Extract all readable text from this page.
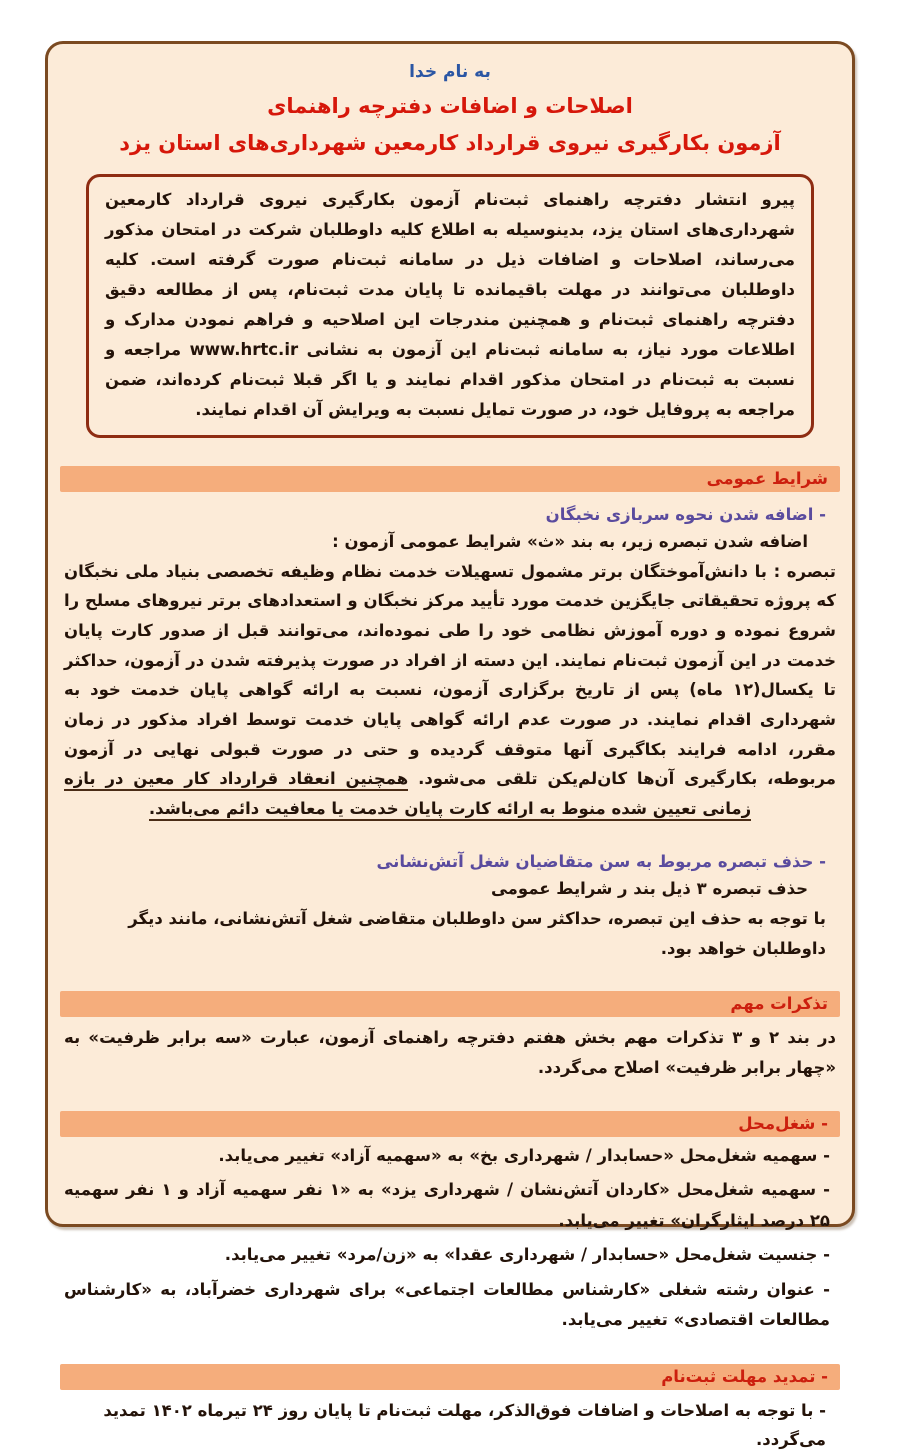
به نام خدا
اصلاحات و اضافات دفترچه راهنمای
آزمون بکارگیری نیروی قرارداد کارمعین شهرداری‌های استان یزد
پیرو انتشار دفترچه راهنمای ثبت‌نام آزمون بکارگیری نیروی قرارداد کارمعین شهرداری‌های استان یزد، بدینوسیله به اطلاع کلیه داوطلبان شرکت در امتحان مذکور می‌رساند، اصلاحات و اضافات ذیل در سامانه ثبت‌نام صورت گرفته است. کلیه داوطلبان می‌توانند در مهلت باقیمانده تا پایان مدت ثبت‌نام، پس از مطالعه دقیق دفترچه راهنمای ثبت‌نام و همچنین مندرجات این اصلاحیه و فراهم نمودن مدارک و اطلاعات مورد نیاز، به سامانه ثبت‌نام این آزمون به نشانی www.hrtc.ir مراجعه و نسبت به ثبت‌نام در امتحان مذکور اقدام نمایند و یا اگر قبلا ثبت‌نام کرده‌اند، ضمن مراجعه به پروفایل خود، در صورت تمایل نسبت به ویرایش آن اقدام نمایند.
شرایط عمومی
- اضافه شدن نحوه سربازی نخبگان
اضافه شدن تبصره زیر، به بند «ث» شرایط عمومی آزمون :
تبصره : با دانش‌آموختگان برتر مشمول تسهیلات خدمت نظام وظیفه تخصصی بنیاد ملی نخبگان که پروژه تحقیقاتی جایگزین خدمت مورد تأیید مرکز نخبگان و استعدادهای برتر نیروهای مسلح را شروع نموده و دوره آموزش نظامی خود را طی نموده‌اند، می‌توانند قبل از صدور کارت پایان خدمت در این آزمون ثبت‌نام نمایند. این دسته از افراد در صورت پذیرفته شدن در آزمون، حداکثر تا یکسال(۱۲ ماه) پس از تاریخ برگزاری آزمون، نسبت به ارائه گواهی پایان خدمت خود به شهرداری اقدام نمایند. در صورت عدم ارائه گواهی پایان خدمت توسط افراد مذکور در زمان مقرر، ادامه فرایند بکاگیری آنها متوقف گردیده و حتی در صورت قبولی نهایی در آزمون مربوطه، بکارگیری آن‌ها کان‌لم‌یکن تلقی می‌شود. همچنین انعقاد قرارداد کار معین در بازه زمانی تعیین شده منوط به ارائه کارت پایان خدمت یا معافیت دائم می‌باشد.
- حذف تبصره مربوط به سن متقاضیان شغل آتش‌نشانی
حذف تبصره ۳ ذیل بند ر شرایط عمومی
با توجه به حذف این تبصره، حداکثر سن داوطلبان متقاضی شغل آتش‌نشانی، مانند دیگر داوطلبان خواهد بود.
تذکرات مهم
در بند ۲ و ۳ تذکرات مهم بخش هفتم دفترچه راهنمای آزمون، عبارت «سه برابر ظرفیت» به «چهار برابر ظرفیت» اصلاح می‌گردد.
- شغل‌محل
- سهمیه شغل‌محل «حسابدار / شهرداری بخ» به «سهمیه آزاد» تغییر می‌یابد.
- سهمیه شغل‌محل «کاردان آتش‌نشان / شهرداری یزد» به «۱ نفر سهمیه آزاد و ۱ نفر سهمیه ۲۵ درصد ایثارگران» تغییر می‌یابد.
- جنسیت شغل‌محل «حسابدار / شهرداری عقدا» به «زن/مرد» تغییر می‌یابد.
- عنوان رشته شغلی «کارشناس مطالعات اجتماعی» برای شهرداری خضرآباد، به «کارشناس مطالعات اقتصادی» تغییر می‌یابد.
- تمدید مهلت ثبت‌نام
- با توجه به اصلاحات و اضافات فوق‌الذکر، مهلت ثبت‌نام تا پایان روز ۲۴ تیرماه ۱۴۰۲ تمدید می‌گردد.
